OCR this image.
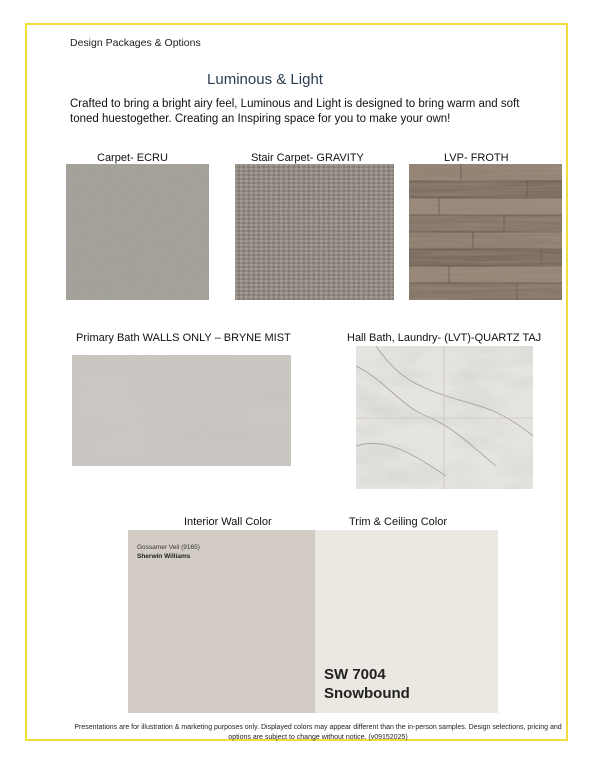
Design Packages & Options
Luminous & Light
Crafted to bring a bright airy feel, Luminous and Light is designed to bring warm and soft toned huestogether. Creating an Inspiring space for you to make your own!
Carpet- ECRU	Stair Carpet- GRAVITY	LVP- FROTH
Primary Bath WALLS ONLY – BRYNE MIST	Hall Bath, Laundry- (LVT)-QUARTZ TAJ
Interior Wall Color	Trim & Ceiling Color
Gossamer Veil (9165)
Sherwin Williams
SW 7004
Snowbound
Presentations are for illustration & marketing purposes only. Displayed colors may appear different than the in-person samples. Design selections, pricing and options are subject to change without notice. (v09152025)
